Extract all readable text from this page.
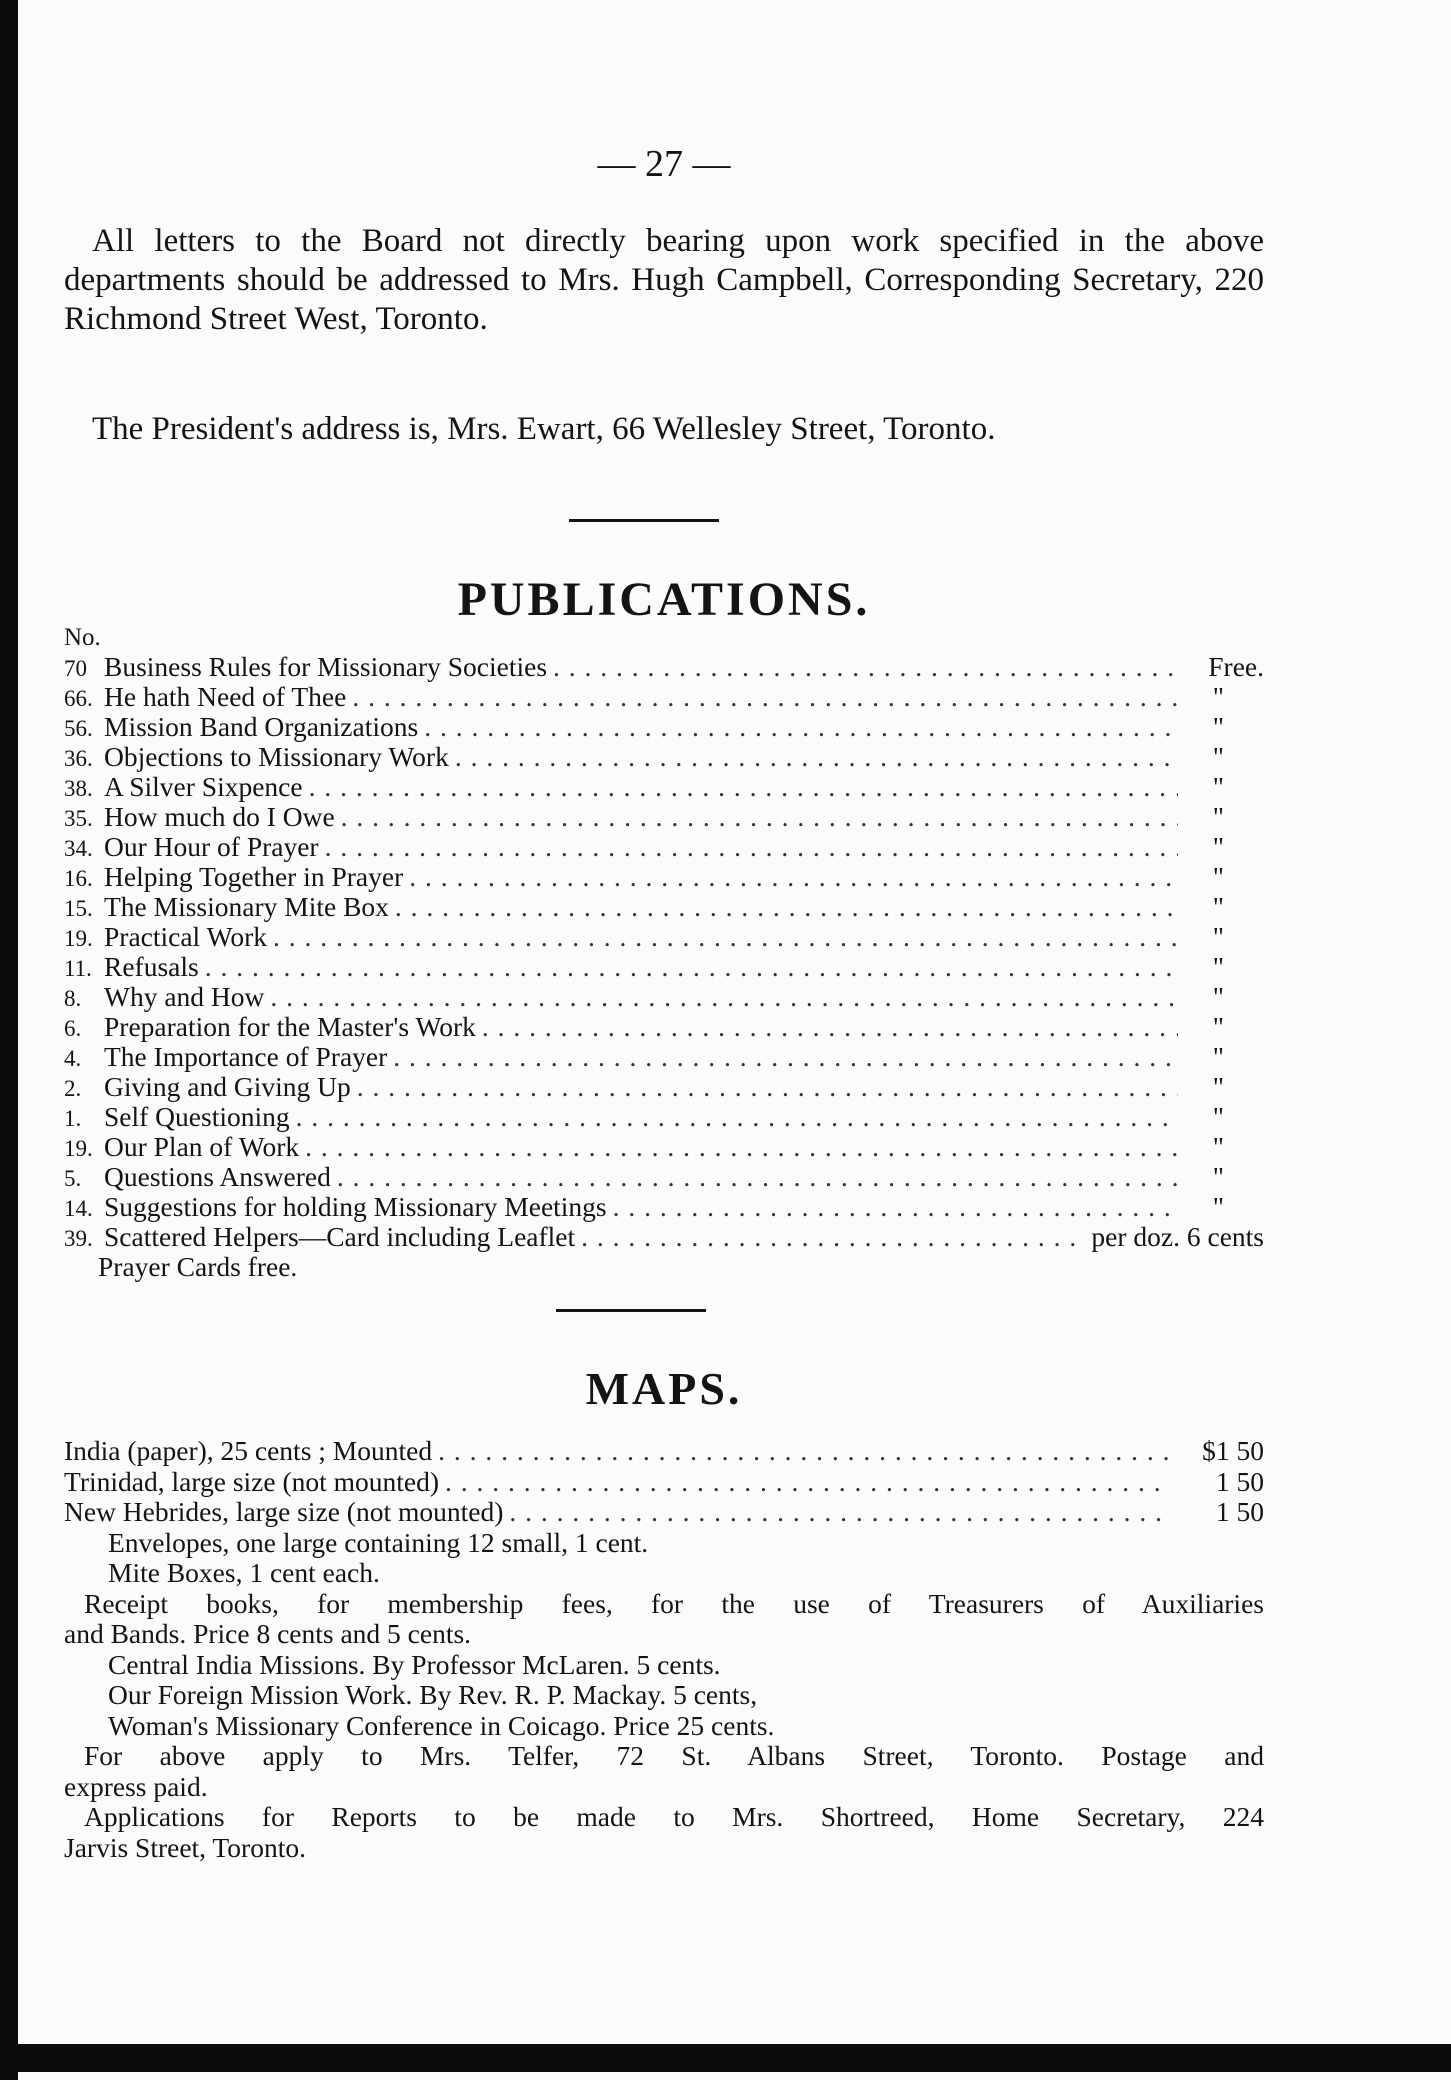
— 27 —
All letters to the Board not directly bearing upon work specified in the above departments should be addressed to Mrs. Hugh Campbell, Corresponding Secretary, 220 Richmond Street West, Toronto.
The President's address is, Mrs. Ewart, 66 Wellesley Street, Toronto.
PUBLICATIONS.
No.
70 Business Rules for Missionary Societies . . .	Free.
66. He hath Need of Thee . . .	"
56. Mission Band Organizations . . .	"
36. Objections to Missionary Work . . .	"
38. A Silver Sixpence . . .	"
35. How much do I Owe . . .	"
34. Our Hour of Prayer . . .	"
16. Helping Together in Prayer . . .	"
15. The Missionary Mite Box . . .	"
19. Practical Work . . .	"
11. Refusals . . .	"
8. Why and How . . .	"
6. Preparation for the Master's Work . . .	"
4. The Importance of Prayer . . .	"
2. Giving and Giving Up . . .	"
1. Self Questioning . . .	"
19. Our Plan of Work . . .	"
5. Questions Answered . . .	"
14. Suggestions for holding Missionary Meetings . . .	"
39. Scattered Helpers—Card including Leaflet . . .	per doz. 6 cents
Prayer Cards free.
MAPS.
India (paper), 25 cents ; Mounted . . .	$1 50
Trinidad, large size (not mounted) . . .	1 50
New Hebrides, large size (not mounted) . . .	1 50
Envelopes, one large containing 12 small, 1 cent.
Mite Boxes, 1 cent each.
Receipt books, for membership fees, for the use of Treasurers of Auxiliaries
and Bands. Price 8 cents and 5 cents.
Central India Missions. By Professor McLaren. 5 cents.
Our Foreign Mission Work. By Rev. R. P. Mackay. 5 cents,
Woman's Missionary Conference in Coicago. Price 25 cents.
For above apply to Mrs. Telfer, 72 St. Albans Street, Toronto. Postage and
express paid.
Applications for Reports to be made to Mrs. Shortreed, Home Secretary, 224
Jarvis Street, Toronto.
